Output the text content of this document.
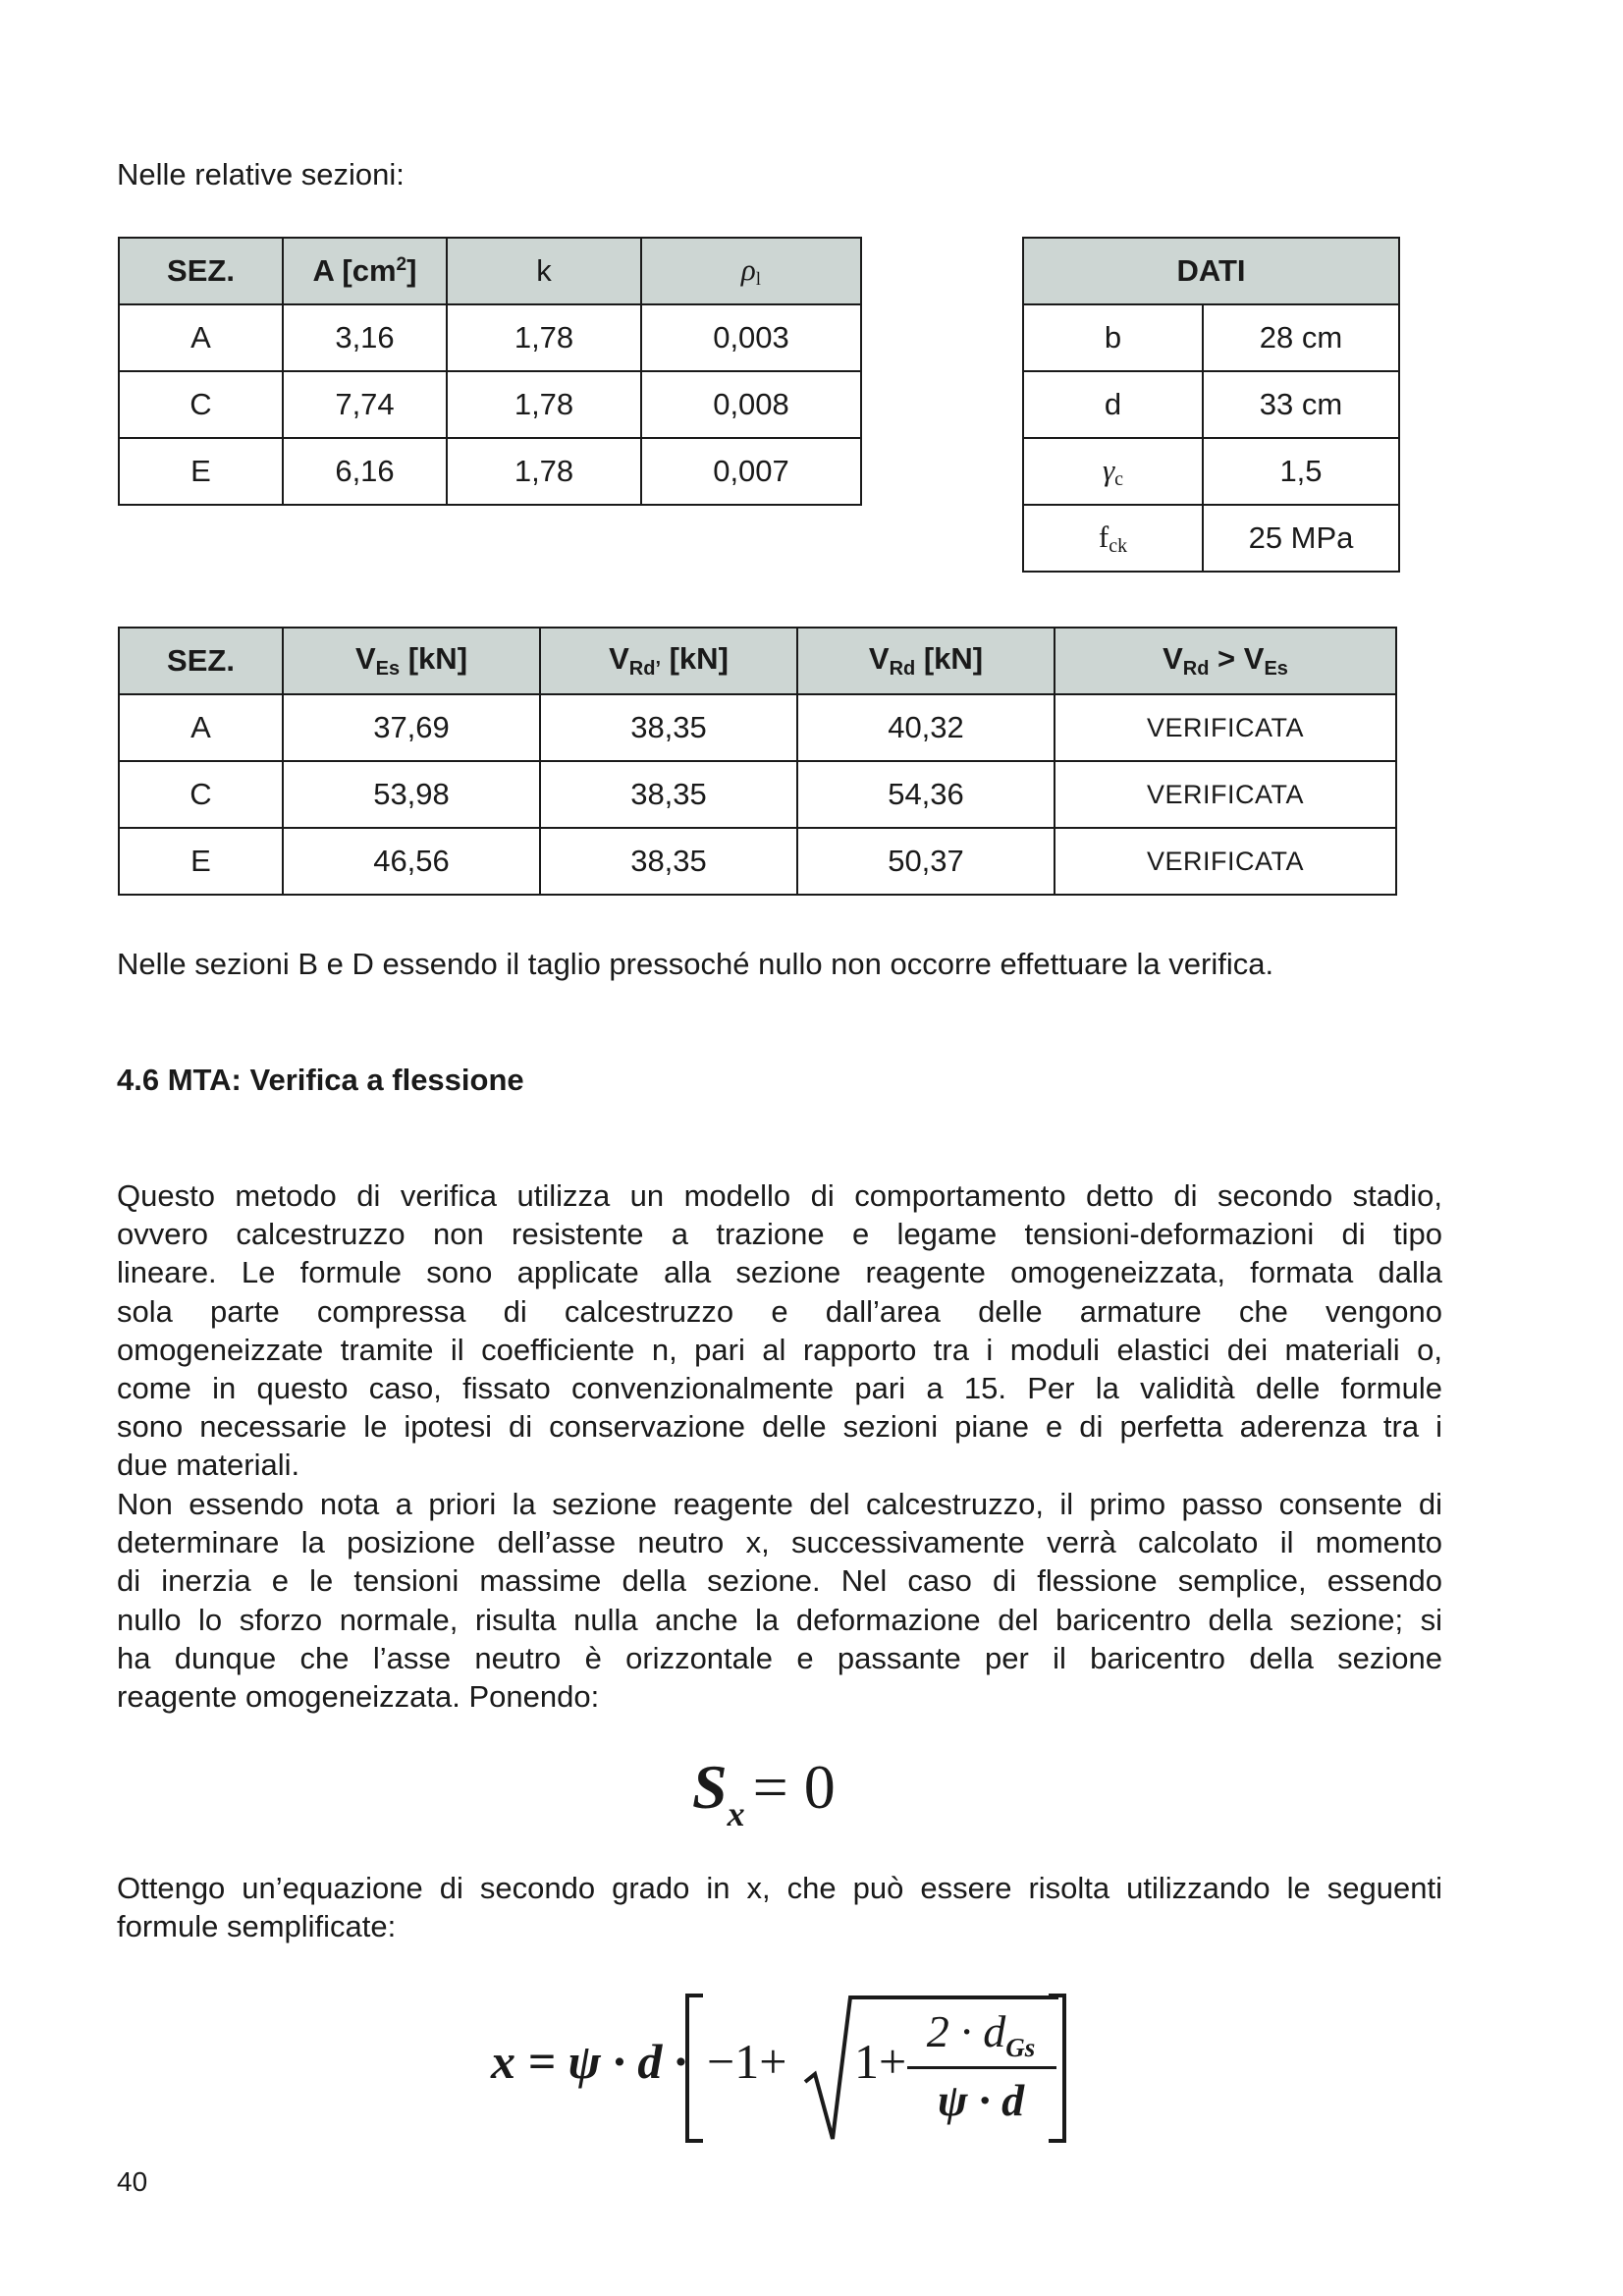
Nelle relative sezioni:
SEZ.	A $[cm^2]$	k	ρl
A	3,16	1,78	0,003
C	7,74	1,78	0,008
E	6,16	1,78	0,007
DATI	
b	28 cm
d	33 cm
γc	1,5
fck	25 MPa
SEZ.	VEs [kN]	VRd’ [kN]	VRd [kN]	VRd > VEs
A	37,69	38,35	40,32	VERIFICATA
C	53,98	38,35	54,36	VERIFICATA
E	46,56	38,35	50,37	VERIFICATA
Nelle sezioni B e D essendo il taglio pressoché nullo non occorre effettuare la verifica.
4.6 MTA: Verifica a flessione
Questo metodo di verifica utilizza un modello di comportamento detto di secondo stadio,
ovvero calcestruzzo non resistente a trazione e legame tensioni-deformazioni di tipo
lineare. Le formule sono applicate alla sezione reagente omogeneizzata, formata dalla
sola parte compressa di calcestruzzo e dall’area delle armature che vengono
omogeneizzate tramite il coefficiente n, pari al rapporto tra i moduli elastici dei materiali o,
come in questo caso, fissato convenzionalmente pari a 15. Per la validità delle formule
sono necessarie le ipotesi di conservazione delle sezioni piane e di perfetta aderenza tra i
due materiali.
Non essendo nota a priori la sezione reagente del calcestruzzo, il primo passo consente di
determinare la posizione dell’asse neutro x, successivamente verrà calcolato il momento
di inerzia e le tensioni massime della sezione. Nel caso di flessione semplice, essendo
nullo lo sforzo normale, risulta nulla anche la deformazione del baricentro della sezione; si
ha dunque che l’asse neutro è orizzontale e passante per il baricentro della sezione
reagente omogeneizzata. Ponendo:
$S_x = 0$
Ottengo un’equazione di secondo grado in x, che può essere risolta utilizzando le seguenti
formule semplificate:
x = ψ · d · −1+ 1+
$2 \cdot d_{Gs}$
ψ · d
40
